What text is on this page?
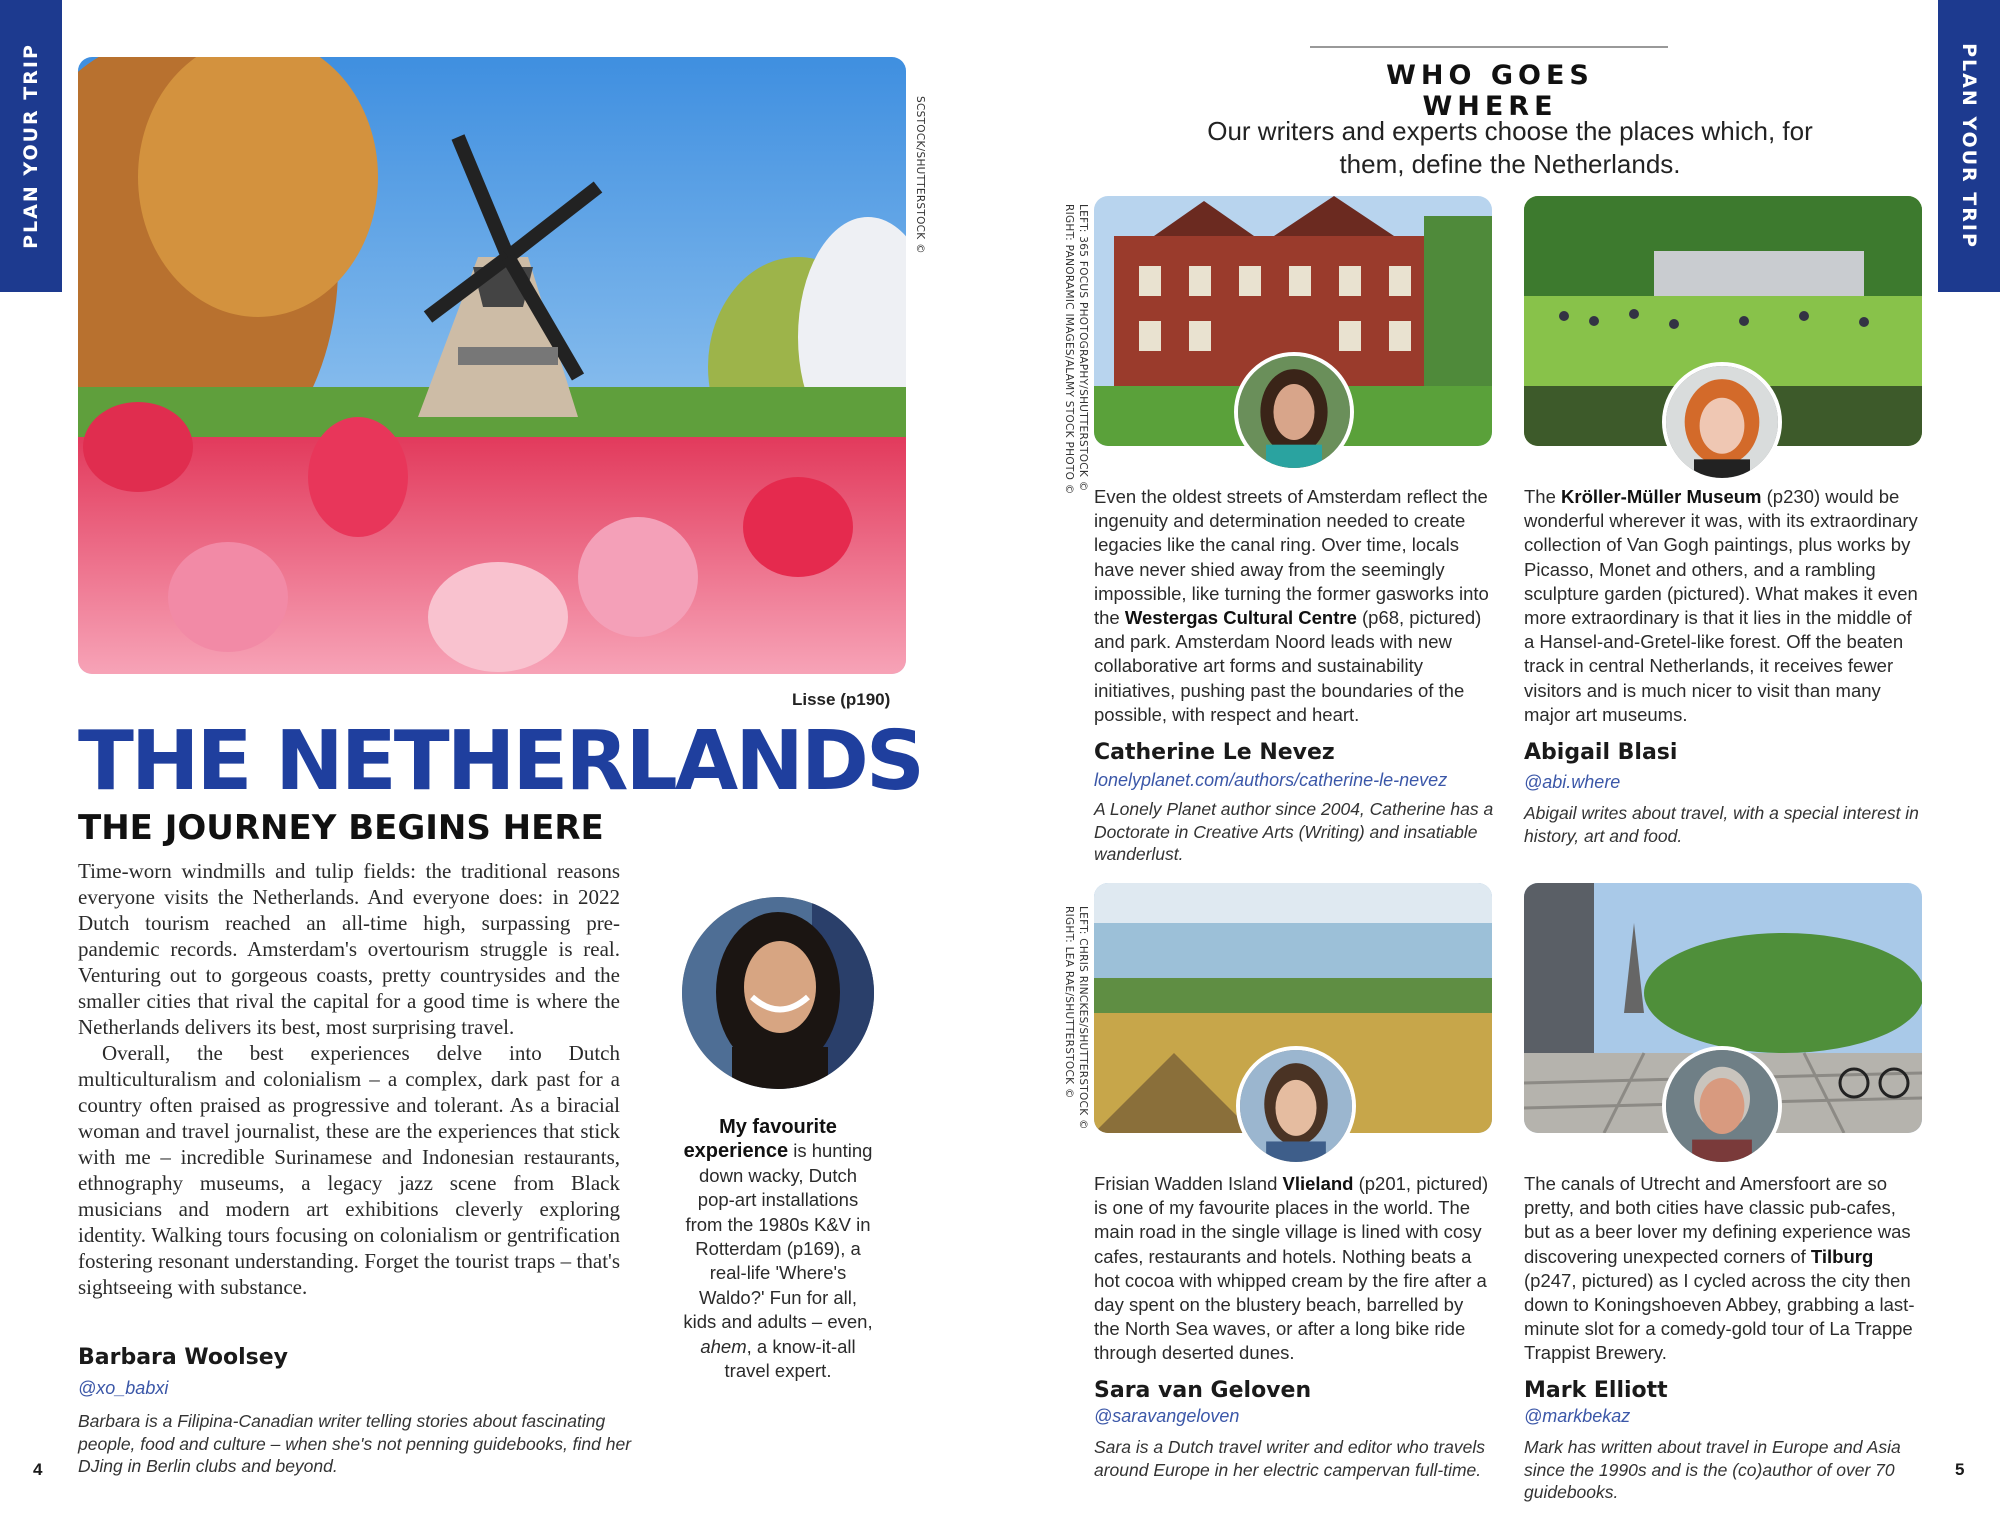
PLAN YOUR TRIP	PLAN YOUR TRIP
SCSTOCK/SHUTTERSTOCK ©
Lisse (p190)
THE NETHERLANDS
THE JOURNEY BEGINS HERE

Time-worn windmills and tulip fields: the traditional reasons everyone visits the Netherlands. And everyone does: in 2022 Dutch tourism reached an all-time high, surpassing pre-pandemic records. Amsterdam's overtourism struggle is real. Venturing out to gorgeous coasts, pretty countrysides and the smaller cities that rival the capital for a good time is where the Netherlands delivers its best, most surprising travel.

Overall, the best experiences delve into Dutch multiculturalism and colonialism – a complex, dark past for a country often praised as progressive and tolerant. As a biracial woman and travel journalist, these are the experiences that stick with me – incredible Surinamese and Indonesian restaurants, ethnography museums, a legacy jazz scene from Black musicians and modern art exhibitions cleverly exploring identity. Walking tours focusing on colonialism or gentrification fostering resonant understanding. Forget the tourist traps – that's sightseeing with substance.

Barbara Woolsey
@xo_babxi
Barbara is a Filipina-Canadian writer telling stories about fascinating people, food and culture – when she's not penning guidebooks, find her DJing in Berlin clubs and beyond.
My favourite experience is hunting down wacky, Dutch pop-art installations from the 1980s K&V in Rotterdam (p169), a real-life 'Where's Waldo?' Fun for all, kids and adults – even, ahem, a know-it-all travel expert.
4
WHO GOES WHERE
Our writers and experts choose the places which, for them, define the Netherlands.
LEFT: 365 FOCUS PHOTOGRAPHY/SHUTTERSTOCK ©
RIGHT: PANORAMIC IMAGES/ALAMY STOCK PHOTO ©
LEFT: CHRIS RINCKES/SHUTTERSTOCK ©
RIGHT: LEA RAE/SHUTTERSTOCK ©
Even the oldest streets of Amsterdam reflect the ingenuity and determination needed to create legacies like the canal ring. Over time, locals have never shied away from the seemingly impossible, like turning the former gasworks into the Westergas Cultural Centre (p68, pictured) and park. Amsterdam Noord leads with new collaborative art forms and sustainability initiatives, pushing past the boundaries of the possible, with respect and heart.
Catherine Le Nevez
lonelyplanet.com/authors/catherine-le-nevez
A Lonely Planet author since 2004, Catherine has a Doctorate in Creative Arts (Writing) and insatiable wanderlust.
The Kröller-Müller Museum (p230) would be wonderful wherever it was, with its extraordinary collection of Van Gogh paintings, plus works by Picasso, Monet and others, and a rambling sculpture garden (pictured). What makes it even more extraordinary is that it lies in the middle of a Hansel-and-Gretel-like forest. Off the beaten track in central Netherlands, it receives fewer visitors and is much nicer to visit than many major art museums.
Abigail Blasi
@abi.where
Abigail writes about travel, with a special interest in history, art and food.
Frisian Wadden Island Vlieland (p201, pictured) is one of my favourite places in the world. The main road in the single village is lined with cosy cafes, restaurants and hotels. Nothing beats a hot cocoa with whipped cream by the fire after a day spent on the blustery beach, barrelled by the North Sea waves, or after a long bike ride through deserted dunes.
Sara van Geloven
@saravangeloven
Sara is a Dutch travel writer and editor who travels around Europe in her electric campervan full-time.
The canals of Utrecht and Amersfoort are so pretty, and both cities have classic pub-cafes, but as a beer lover my defining experience was discovering unexpected corners of Tilburg (p247, pictured) as I cycled across the city then down to Koningshoeven Abbey, grabbing a last-minute slot for a comedy-gold tour of La Trappe Trappist Brewery.
Mark Elliott
@markbekaz
Mark has written about travel in Europe and Asia since the 1990s and is the (co)author of over 70 guidebooks.
5
